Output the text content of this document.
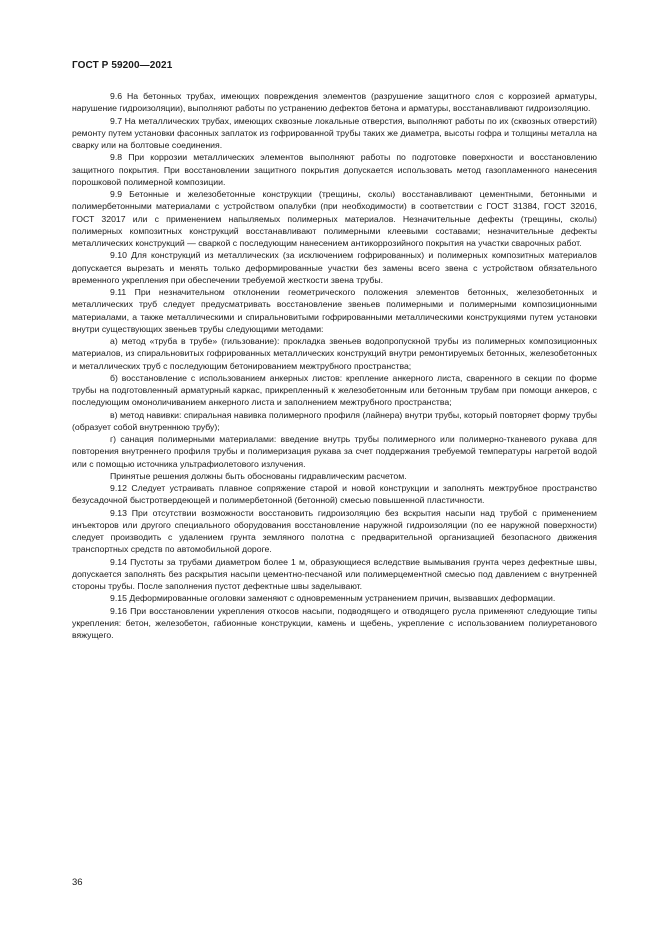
ГОСТ Р 59200—2021

9.6 На бетонных трубах, имеющих повреждения элементов (разрушение защитного слоя с коррозией арматуры, нарушение гидроизоляции), выполняют работы по устранению дефектов бетона и арматуры, восстанавливают гидроизоляцию.

9.7 На металлических трубах, имеющих сквозные локальные отверстия, выполняют работы по их (сквозных отверстий) ремонту путем установки фасонных заплаток из гофрированной трубы таких же диаметра, высоты гофра и толщины металла на сварку или на болтовые соединения.

9.8 При коррозии металлических элементов выполняют работы по подготовке поверхности и восстановлению защитного покрытия. При восстановлении защитного покрытия допускается использовать метод газопламенного нанесения порошковой полимерной композиции.

9.9 Бетонные и железобетонные конструкции (трещины, сколы) восстанавливают цементными, бетонными и полимербетонными материалами с устройством опалубки (при необходимости) в соответствии с ГОСТ 31384, ГОСТ 32016, ГОСТ 32017 или с применением напыляемых полимерных материалов. Незначительные дефекты (трещины, сколы) полимерных композитных конструкций восстанавливают полимерными клеевыми составами; незначительные дефекты металлических конструкций — сваркой с последующим нанесением антикоррозийного покрытия на участки сварочных работ.

9.10 Для конструкций из металлических (за исключением гофрированных) и полимерных композитных материалов допускается вырезать и менять только деформированные участки без замены всего звена с устройством обязательного временного укрепления при обеспечении требуемой жесткости звена трубы.

9.11 При незначительном отклонении геометрического положения элементов бетонных, железобетонных и металлических труб следует предусматривать восстановление звеньев полимерными и полимерными композиционными материалами, а также металлическими и спиральновитыми гофрированными металлическими конструкциями путем установки внутри существующих звеньев трубы следующими методами:

а) метод «труба в трубе» (гильзование): прокладка звеньев водопропускной трубы из полимерных композиционных материалов, из спиральновитых гофрированных металлических конструкций внутри ремонтируемых бетонных, железобетонных и металлических труб с последующим бетонированием межтрубного пространства;

б) восстановление с использованием анкерных листов: крепление анкерного листа, сваренного в секции по форме трубы на подготовленный арматурный каркас, прикрепленный к железобетонным или бетонным трубам при помощи анкеров, с последующим омоноличиванием анкерного листа и заполнением межтрубного пространства;

в) метод навивки: спиральная навивка полимерного профиля (лайнера) внутри трубы, который повторяет форму трубы (образует собой внутреннюю трубу);

г) санация полимерными материалами: введение внутрь трубы полимерного или полимерно-тканевого рукава для повторения внутреннего профиля трубы и полимеризация рукава за счет поддержания требуемой температуры нагретой водой или с помощью источника ультрафиолетового излучения.

Принятые решения должны быть обоснованы гидравлическим расчетом.

9.12 Следует устраивать плавное сопряжение старой и новой конструкции и заполнять межтрубное пространство безусадочной быстротвердеющей и полимербетонной (бетонной) смесью повышенной пластичности.

9.13 При отсутствии возможности восстановить гидроизоляцию без вскрытия насыпи над трубой с применением инъекторов или другого специального оборудования восстановление наружной гидроизоляции (по ее наружной поверхности) следует производить с удалением грунта земляного полотна с предварительной организацией безопасного движения транспортных средств по автомобильной дороге.

9.14 Пустоты за трубами диаметром более 1 м, образующиеся вследствие вымывания грунта через дефектные швы, допускается заполнять без раскрытия насыпи цементно-песчаной или полимерцементной смесью под давлением с внутренней стороны трубы. После заполнения пустот дефектные швы заделывают.

9.15 Деформированные оголовки заменяют с одновременным устранением причин, вызвавших деформации.

9.16 При восстановлении укрепления откосов насыпи, подводящего и отводящего русла применяют следующие типы укрепления: бетон, железобетон, габионные конструкции, камень и щебень, укрепление с использованием полиуретанового вяжущего.

36
